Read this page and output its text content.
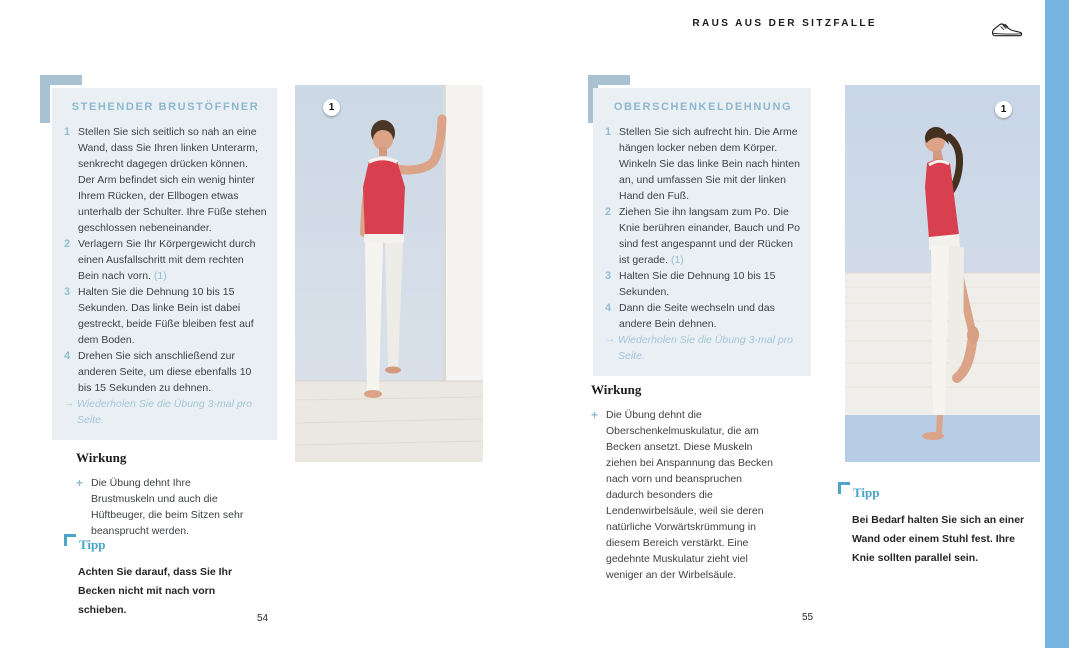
RAUS AUS DER SITZFALLE
STEHENDER BRUSTÖFFNER
1 Stellen Sie sich seitlich so nah an eine Wand, dass Sie Ihren linken Unterarm, senkrecht dagegen drücken können. Der Arm befindet sich ein wenig hinter Ihrem Rücken, der Ellbogen etwas unterhalb der Schulter. Ihre Füße stehen geschlossen nebeneinander.

2 Verlagern Sie Ihr Körpergewicht durch einen Ausfallschritt mit dem rechten Bein nach vorn. (1)

3 Halten Sie die Dehnung 10 bis 15 Sekunden. Das linke Bein ist dabei gestreckt, beide Füße bleiben fest auf dem Boden.

4 Drehen Sie sich anschließend zur anderen Seite, um diese ebenfalls 10 bis 15 Sekunden zu dehnen.

→ Wiederholen Sie die Übung 3-mal pro Seite.

1
Wirkung
+ Die Übung dehnt Ihre Brustmuskeln und auch die Hüftbeuger, die beim Sitzen sehr beansprucht werden.

Tipp

Achten Sie darauf, dass Sie Ihr Becken nicht mit nach vorn schieben.

54
OBERSCHENKELDEHNUNG
1 Stellen Sie sich aufrecht hin. Die Arme hängen locker neben dem Körper. Winkeln Sie das linke Bein nach hinten an, und umfassen Sie mit der linken Hand den Fuß.

2 Ziehen Sie ihn langsam zum Po. Die Knie berühren einander, Bauch und Po sind fest angespannt und der Rücken ist gerade. (1)

3 Halten Sie die Dehnung 10 bis 15 Sekunden.

4 Dann die Seite wechseln und das andere Bein dehnen.

→ Wiederholen Sie die Übung 3-mal pro Seite.

1
Wirkung
+ Die Übung dehnt die Oberschenkelmuskulatur, die am Becken ansetzt. Diese Muskeln ziehen bei Anspannung das Becken nach vorn und beanspruchen dadurch besonders die Lendenwirbelsäule, weil sie deren natürliche Vorwärtskrümmung in diesem Bereich verstärkt. Eine gedehnte Muskulatur zieht viel weniger an der Wirbelsäule.

Tipp

Bei Bedarf halten Sie sich an einer Wand oder einem Stuhl fest. Ihre Knie sollten parallel sein.

55
